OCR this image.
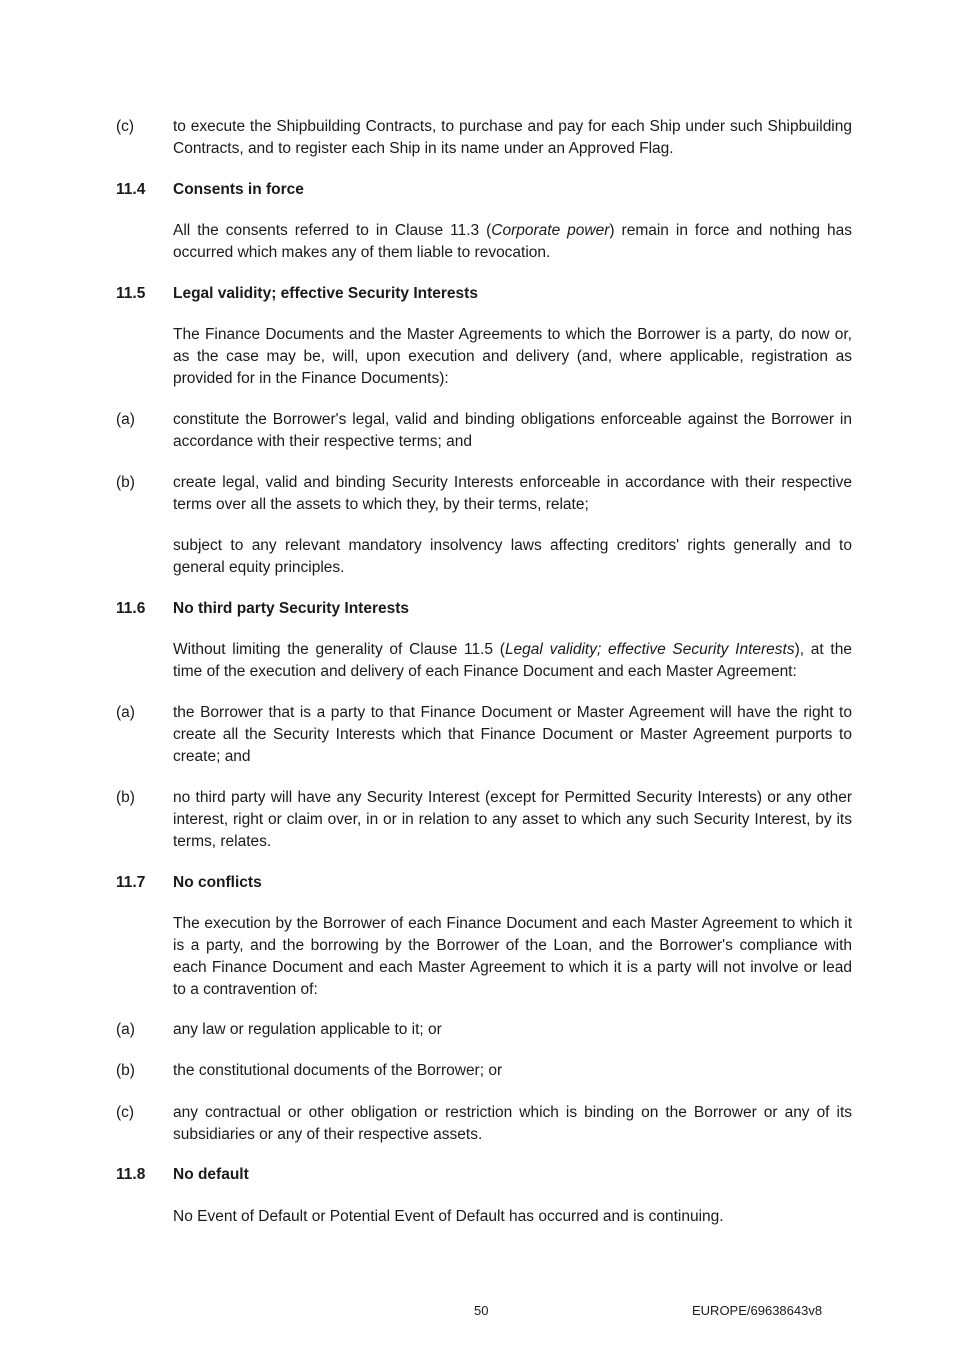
(c)	to execute the Shipbuilding Contracts, to purchase and pay for each Ship under such Shipbuilding Contracts, and to register each Ship in its name under an Approved Flag.
11.4	Consents in force
All the consents referred to in Clause 11.3 (Corporate power) remain in force and nothing has occurred which makes any of them liable to revocation.
11.5	Legal validity; effective Security Interests
The Finance Documents and the Master Agreements to which the Borrower is a party, do now or, as the case may be, will, upon execution and delivery (and, where applicable, registration as provided for in the Finance Documents):
(a)	constitute the Borrower's legal, valid and binding obligations enforceable against the Borrower in accordance with their respective terms; and
(b)	create legal, valid and binding Security Interests enforceable in accordance with their respective terms over all the assets to which they, by their terms, relate;
subject to any relevant mandatory insolvency laws affecting creditors' rights generally and to general equity principles.
11.6	No third party Security Interests
Without limiting the generality of Clause 11.5 (Legal validity; effective Security Interests), at the time of the execution and delivery of each Finance Document and each Master Agreement:
(a)	the Borrower that is a party to that Finance Document or Master Agreement will have the right to create all the Security Interests which that Finance Document or Master Agreement purports to create; and
(b)	no third party will have any Security Interest (except for Permitted Security Interests) or any other interest, right or claim over, in or in relation to any asset to which any such Security Interest, by its terms, relates.
11.7	No conflicts
The execution by the Borrower of each Finance Document and each Master Agreement to which it is a party, and the borrowing by the Borrower of the Loan, and the Borrower's compliance with each Finance Document and each Master Agreement to which it is a party will not involve or lead to a contravention of:
(a)	any law or regulation applicable to it; or
(b)	the constitutional documents of the Borrower; or
(c)	any contractual or other obligation or restriction which is binding on the Borrower or any of its subsidiaries or any of their respective assets.
11.8	No default
No Event of Default or Potential Event of Default has occurred and is continuing.
50	EUROPE/69638643v8
